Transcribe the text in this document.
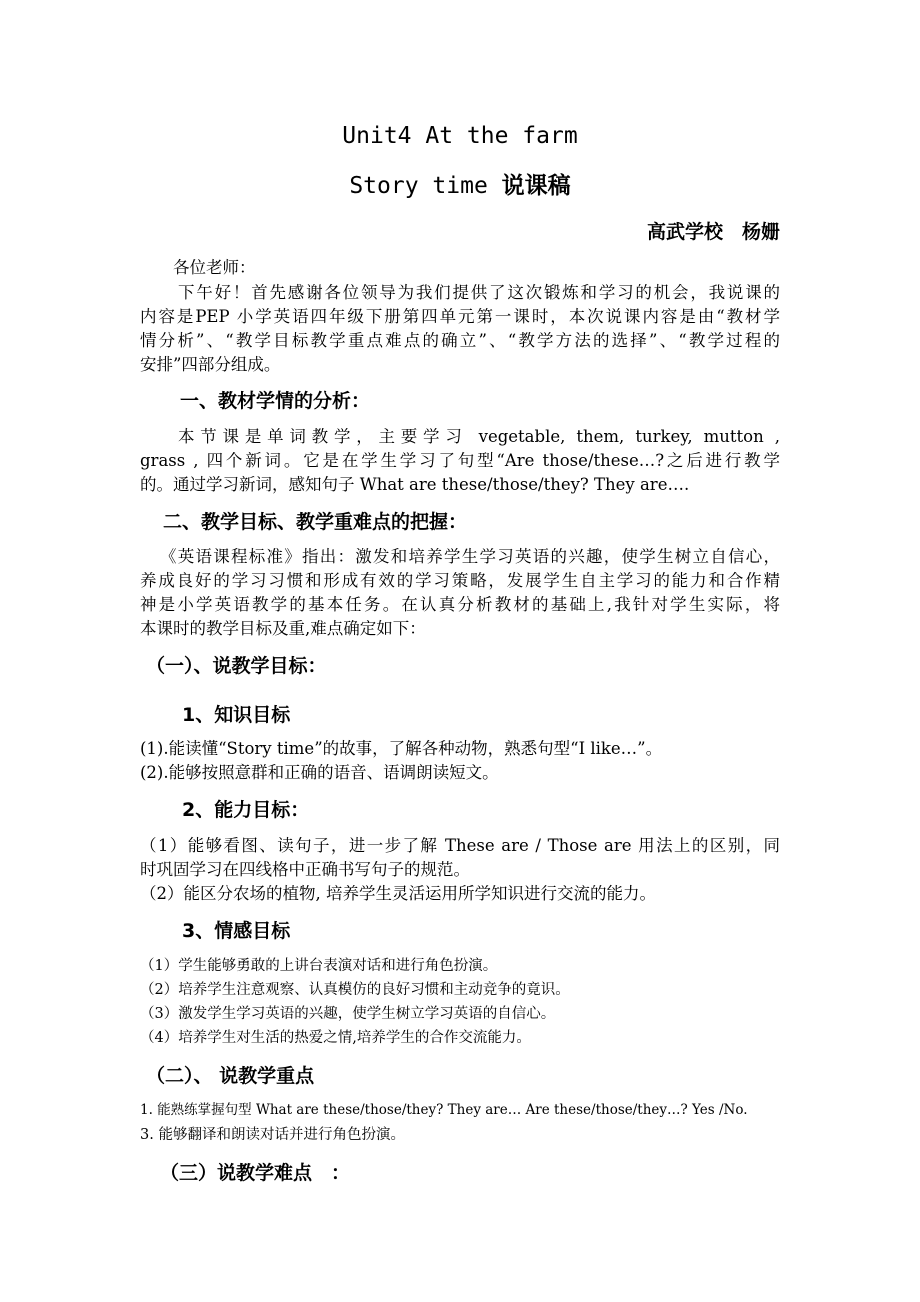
Unit4 At the farm
Story time 说课稿
高武学校　杨姗
各位老师：
下午好！首先感谢各位领导为我们提供了这次锻炼和学习的机会，我说课的
内容是PEP 小学英语四年级下册第四单元第一课时，本次说课内容是由“教材学
情分析”、“教学目标教学重点难点的确立”、“教学方法的选择”、“教学过程的
安排”四部分组成。
一、教材学情的分析：
本节课是单词教学，主要学习 vegetable, them, turkey, mutton ,
grass , 四个新词。它是在学生学习了句型“Are those/these…?之后进行教学
的。通过学习新词，感知句子 What are these/those/they? They are….
二、教学目标、教学重难点的把握：
《英语课程标准》指出：激发和培养学生学习英语的兴趣，使学生树立自信心，
养成良好的学习习惯和形成有效的学习策略，发展学生自主学习的能力和合作精
神是小学英语教学的基本任务。在认真分析教材的基础上,我针对学生实际，将
本课时的教学目标及重,难点确定如下：
（一）、说教学目标：
1、知识目标
(1).能读懂“Story time”的故事，了解各种动物，熟悉句型“I like…”。
(2).能够按照意群和正确的语音、语调朗读短文。
2、能力目标：
（1）能够看图、读句子，进一步了解 These are / Those are 用法上的区别，同
时巩固学习在四线格中正确书写句子的规范。
（2）能区分农场的植物, 培养学生灵活运用所学知识进行交流的能力。
3、情感目标
（1）学生能够勇敢的上讲台表演对话和进行角色扮演。
（2）培养学生注意观察、认真模仿的良好习惯和主动竞争的竟识。
（3）激发学生学习英语的兴趣，使学生树立学习英语的自信心。
（4）培养学生对生活的热爱之情,培养学生的合作交流能力。
（二）、 说教学重点
1. 能熟练掌握句型 What are these/those/they? They are… Are these/those/they…? Yes /No.
3. 能够翻译和朗读对话并进行角色扮演。
（三）说教学难点　：
